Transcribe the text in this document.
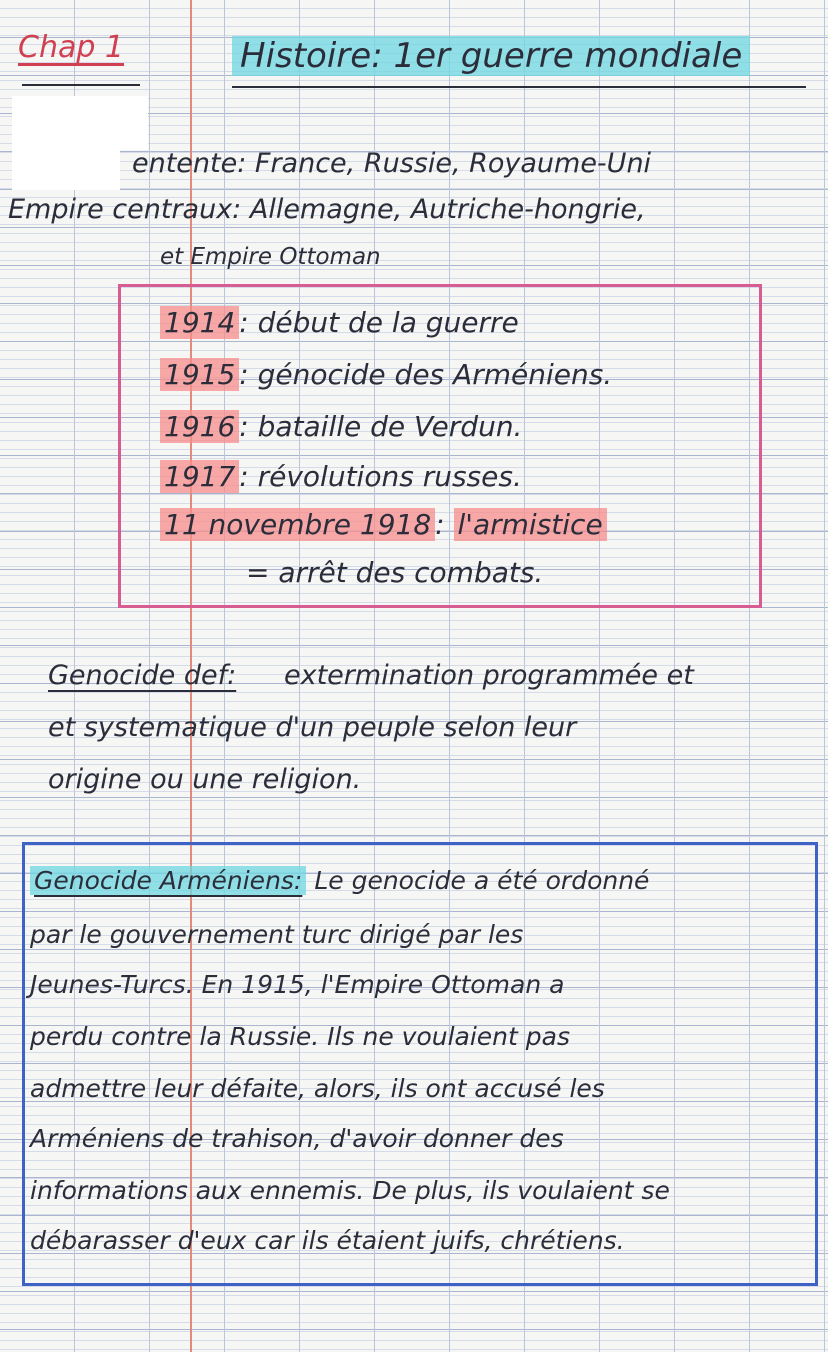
Chap 1	Histoire: 1er guerre mondiale
entente: France, Russie, Royaume-Uni
Empire centraux: Allemagne, Autriche-hongrie,
et Empire Ottoman
1914 : début de la guerre
1915 : génocide des Arméniens.
1916 : bataille de Verdun.
1917 : révolutions russes.
11 novembre 1918 : l'armistice
= arrêt des combats.
Genocide def: extermination programmée et
et systematique d'un peuple selon leur
origine ou une religion.
Genocide Arméniens: Le genocide a été ordonné
par le gouvernement turc dirigé par les
Jeunes-Turcs. En 1915, l'Empire Ottoman a
perdu contre la Russie. Ils ne voulaient pas
admettre leur défaite, alors, ils ont accusé les
Arméniens de trahison, d'avoir donner des
informations aux ennemis. De plus, ils voulaient se
débarasser d'eux car ils étaient juifs, chrétiens.
